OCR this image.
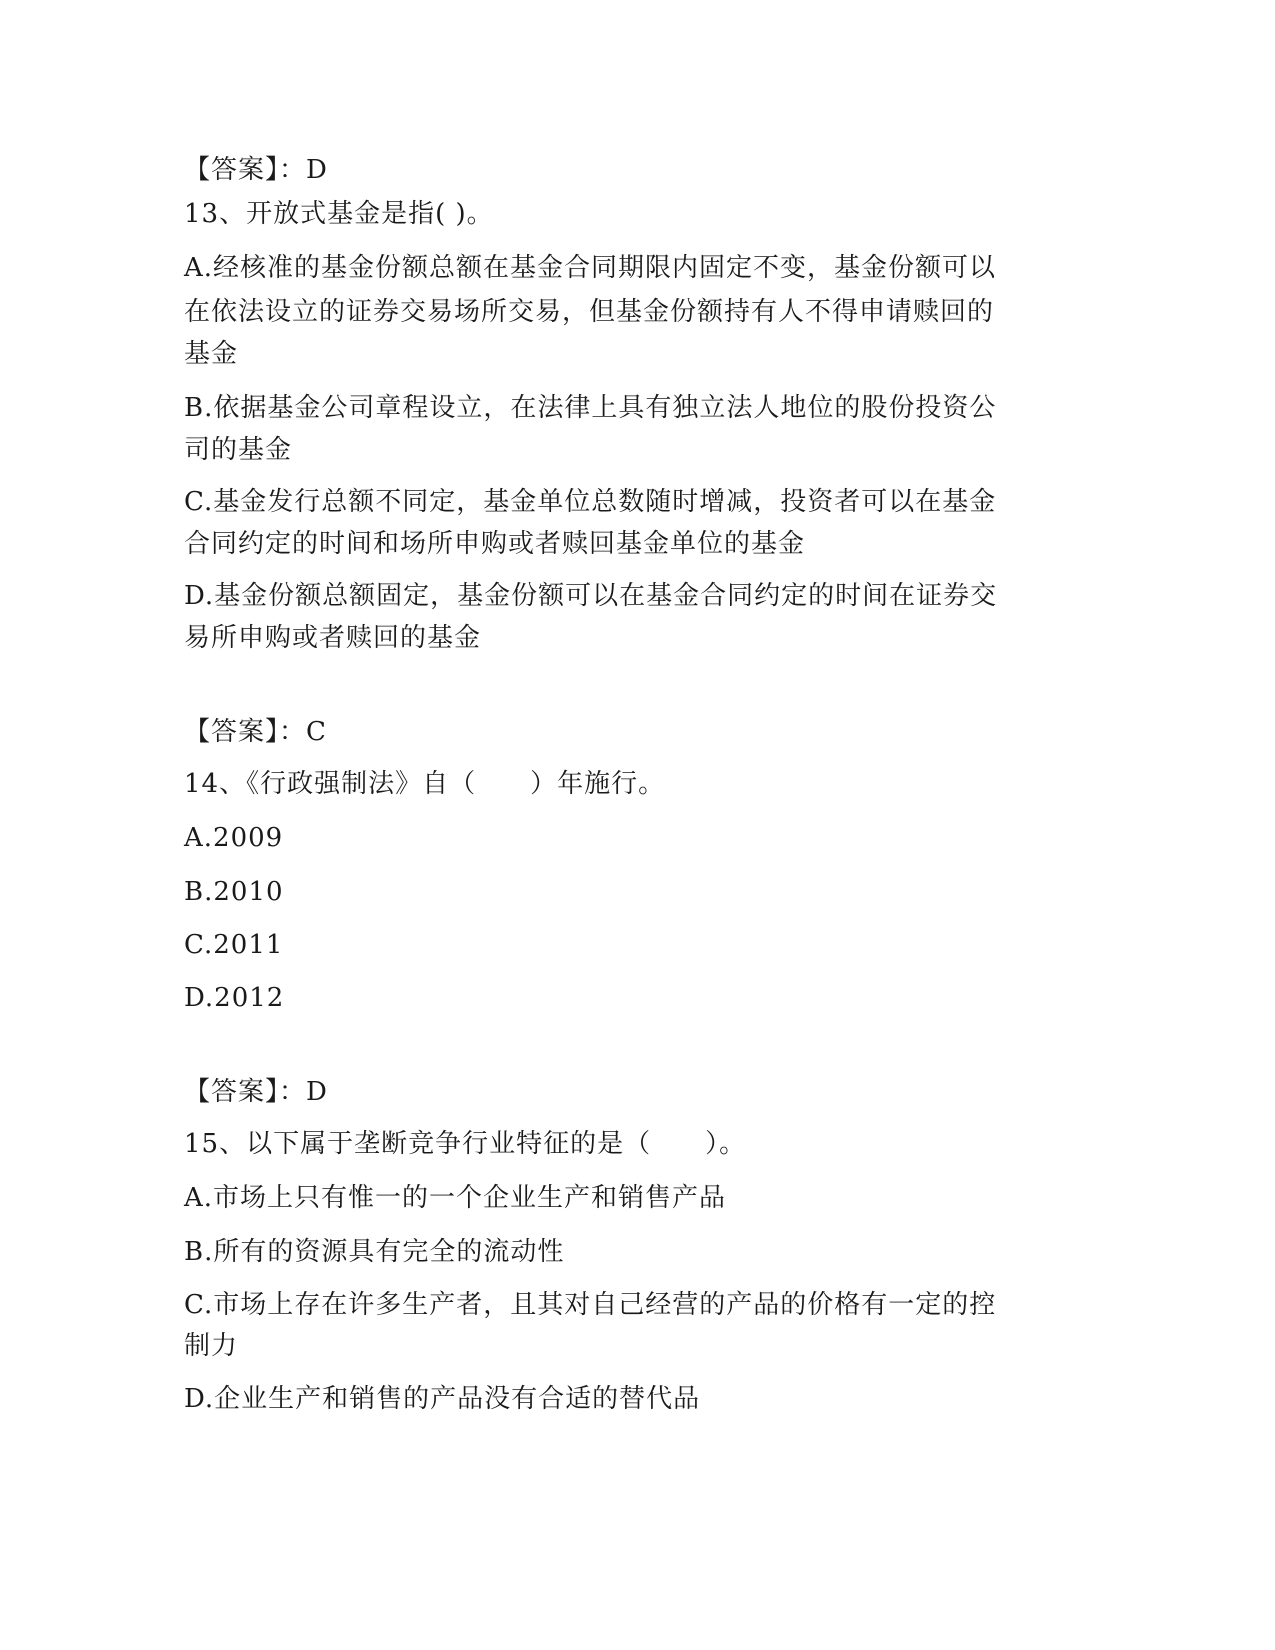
【答案】：D
13、开放式基金是指( )。
A.经核准的基金份额总额在基金合同期限内固定不变，基金份额可以
在依法设立的证券交易场所交易，但基金份额持有人不得申请赎回的
基金
B.依据基金公司章程设立，在法律上具有独立法人地位的股份投资公
司的基金
C.基金发行总额不同定，基金单位总数随时增减，投资者可以在基金
合同约定的时间和场所申购或者赎回基金单位的基金
D.基金份额总额固定，基金份额可以在基金合同约定的时间在证券交
易所申购或者赎回的基金
【答案】：C
14、《行政强制法》自（　　）年施行。
A.2009
B.2010
C.2011
D.2012
【答案】：D
15、以下属于垄断竞争行业特征的是（　　）。
A.市场上只有惟一的一个企业生产和销售产品
B.所有的资源具有完全的流动性
C.市场上存在许多生产者，且其对自己经营的产品的价格有一定的控
制力
D.企业生产和销售的产品没有合适的替代品
